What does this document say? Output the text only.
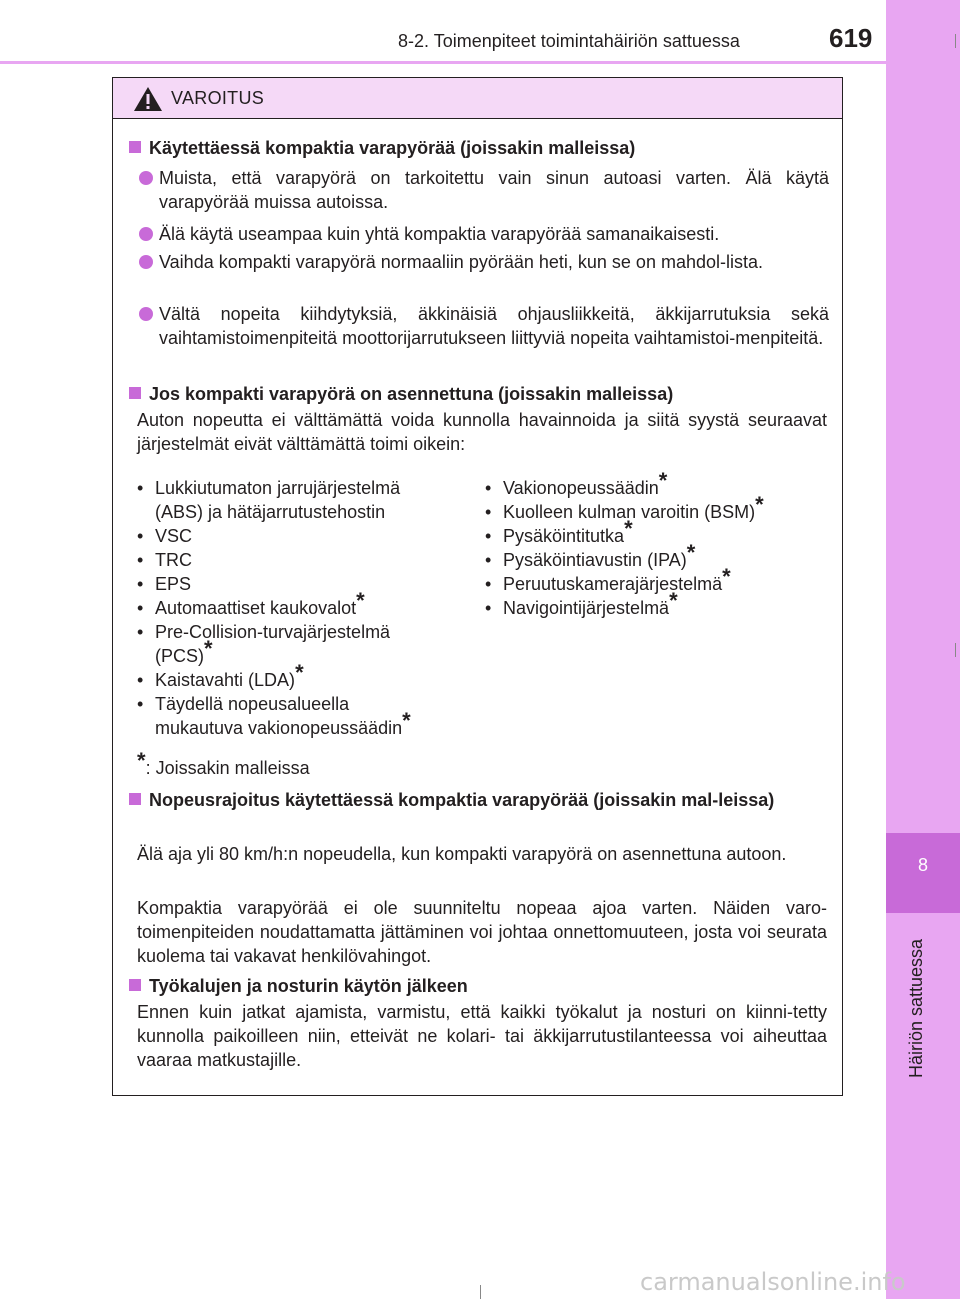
8
Häiriön sattuessa
8-2. Toimenpiteet toimintahäiriön sattuessa	619
VAROITUS
Käytettäessä kompaktia varapyörää (joissakin malleissa)
Muista, että varapyörä on tarkoitettu vain sinun autoasi varten. Älä käytä varapyörää muissa autoissa.
Älä käytä useampaa kuin yhtä kompaktia varapyörää samanaikaisesti.
Vaihda kompakti varapyörä normaaliin pyörään heti, kun se on mahdol-lista.
Vältä nopeita kiihdytyksiä, äkkinäisiä ohjausliikkeitä, äkkijarrutuksia sekä vaihtamistoimenpiteitä moottorijarrutukseen liittyviä nopeita vaihtamistoi-menpiteitä.
Jos kompakti varapyörä on asennettuna (joissakin malleissa)
Auton nopeutta ei välttämättä voida kunnolla havainnoida ja siitä syystä seuraavat järjestelmät eivät välttämättä toimi oikein:
• Lukkiutumaton jarrujärjestelmä
(ABS) ja hätäjarrutustehostin
• VSC
• TRC
• EPS
• Automaattiset kaukovalot*
• Pre-Collision-turvajärjestelmä
(PCS)*
• Kaistavahti (LDA)*
• Täydellä nopeusalueella
mukautuva vakionopeussäädin*
• Vakionopeussäädin*
• Kuolleen kulman varoitin (BSM)*
• Pysäköintitutka*
• Pysäköintiavustin (IPA)*
• Peruutuskamerajärjestelmä*
• Navigointijärjestelmä*
*: Joissakin malleissa
Nopeusrajoitus käytettäessä kompaktia varapyörää (joissakin mal-leissa)
Älä aja yli 80 km/h:n nopeudella, kun kompakti varapyörä on asennettuna autoon.
Kompaktia varapyörää ei ole suunniteltu nopeaa ajoa varten. Näiden varo-toimenpiteiden noudattamatta jättäminen voi johtaa onnettomuuteen, josta voi seurata kuolema tai vakavat henkilövahingot.
Työkalujen ja nosturin käytön jälkeen
Ennen kuin jatkat ajamista, varmistu, että kaikki työkalut ja nosturi on kiinni-tetty kunnolla paikoilleen niin, etteivät ne kolari- tai äkkijarrutustilanteessa voi aiheuttaa vaaraa matkustajille.
carmanualsonline.info
